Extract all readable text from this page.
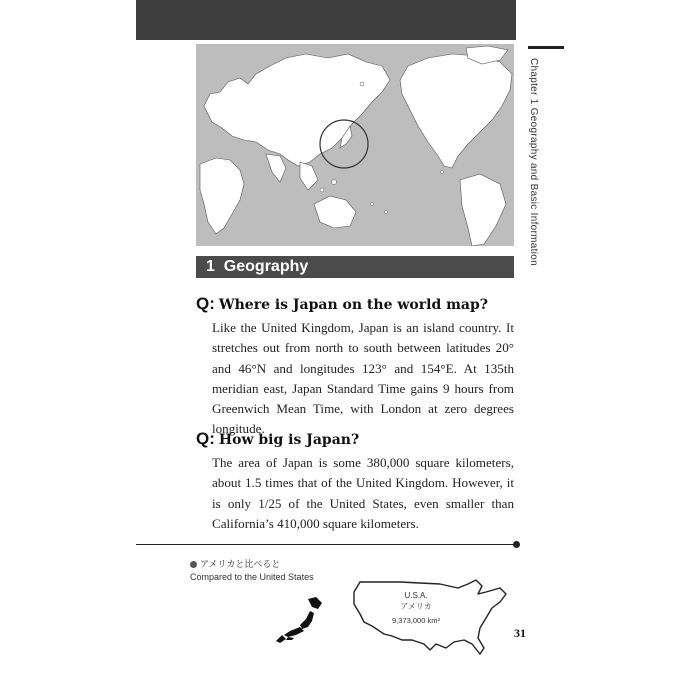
Chapter 1 Geography and Basic Information
1 Geography
Q: Where is Japan on the world map?
Like the United Kingdom, Japan is an island country. It stretches out from north to south between latitudes 20° and 46°N and longitudes 123° and 154°E. At 135th meridian east, Japan Standard Time gains 9 hours from Greenwich Mean Time, with London at zero degrees longitude.
Q: How big is Japan?
The area of Japan is some 380,000 square kilometers, about 1.5 times that of the United Kingdom. However, it is only 1/25 of the United States, even smaller than California’s 410,000 square kilometers.
アメリカと比べると
Compared to the United States
U.S.A.
アメリカ
9,373,000 km²
31
